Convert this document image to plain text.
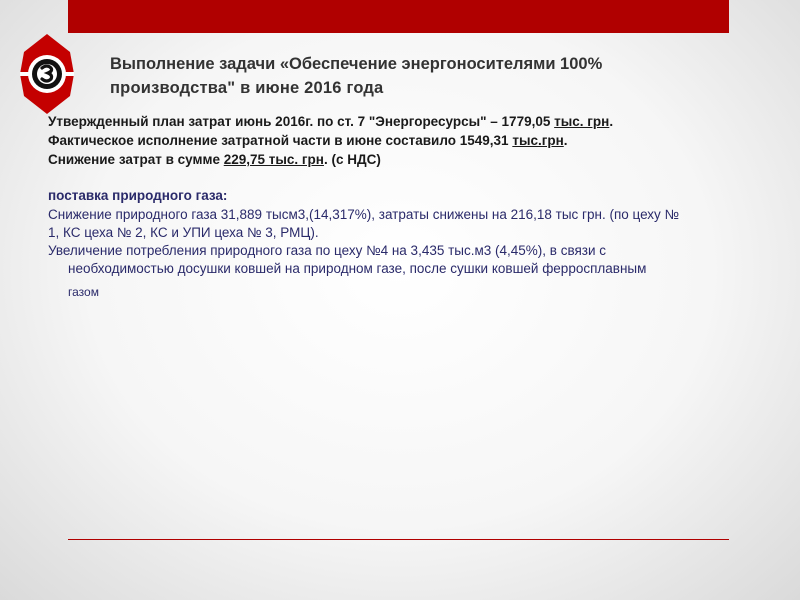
Выполнение задачи «Обеспечение энергоносителями 100%
производства" в июне 2016 года

Утвержденный план затрат июнь 2016г. по ст. 7 "Энергоресурсы" – 1779,05 тыс. грн.

Фактическое исполнение затратной части в июне составило 1549,31 тыс.грн.

Снижение затрат в сумме 229,75 тыс. грн. (с НДС)

поставка природного газа:

Снижение природного газа 31,889 тысм3,(14,317%), затраты снижены на 216,18 тыс грн. (по цеху №
1, КС цеха № 2, КС и УПИ цеха № 3, РМЦ).

Увеличение потребления природного газа по цеху №4 на 3,435 тыс.м3 (4,45%), в связи с
необходимостью досушки ковшей на природном газе, после сушки ковшей ферросплавным
газом
